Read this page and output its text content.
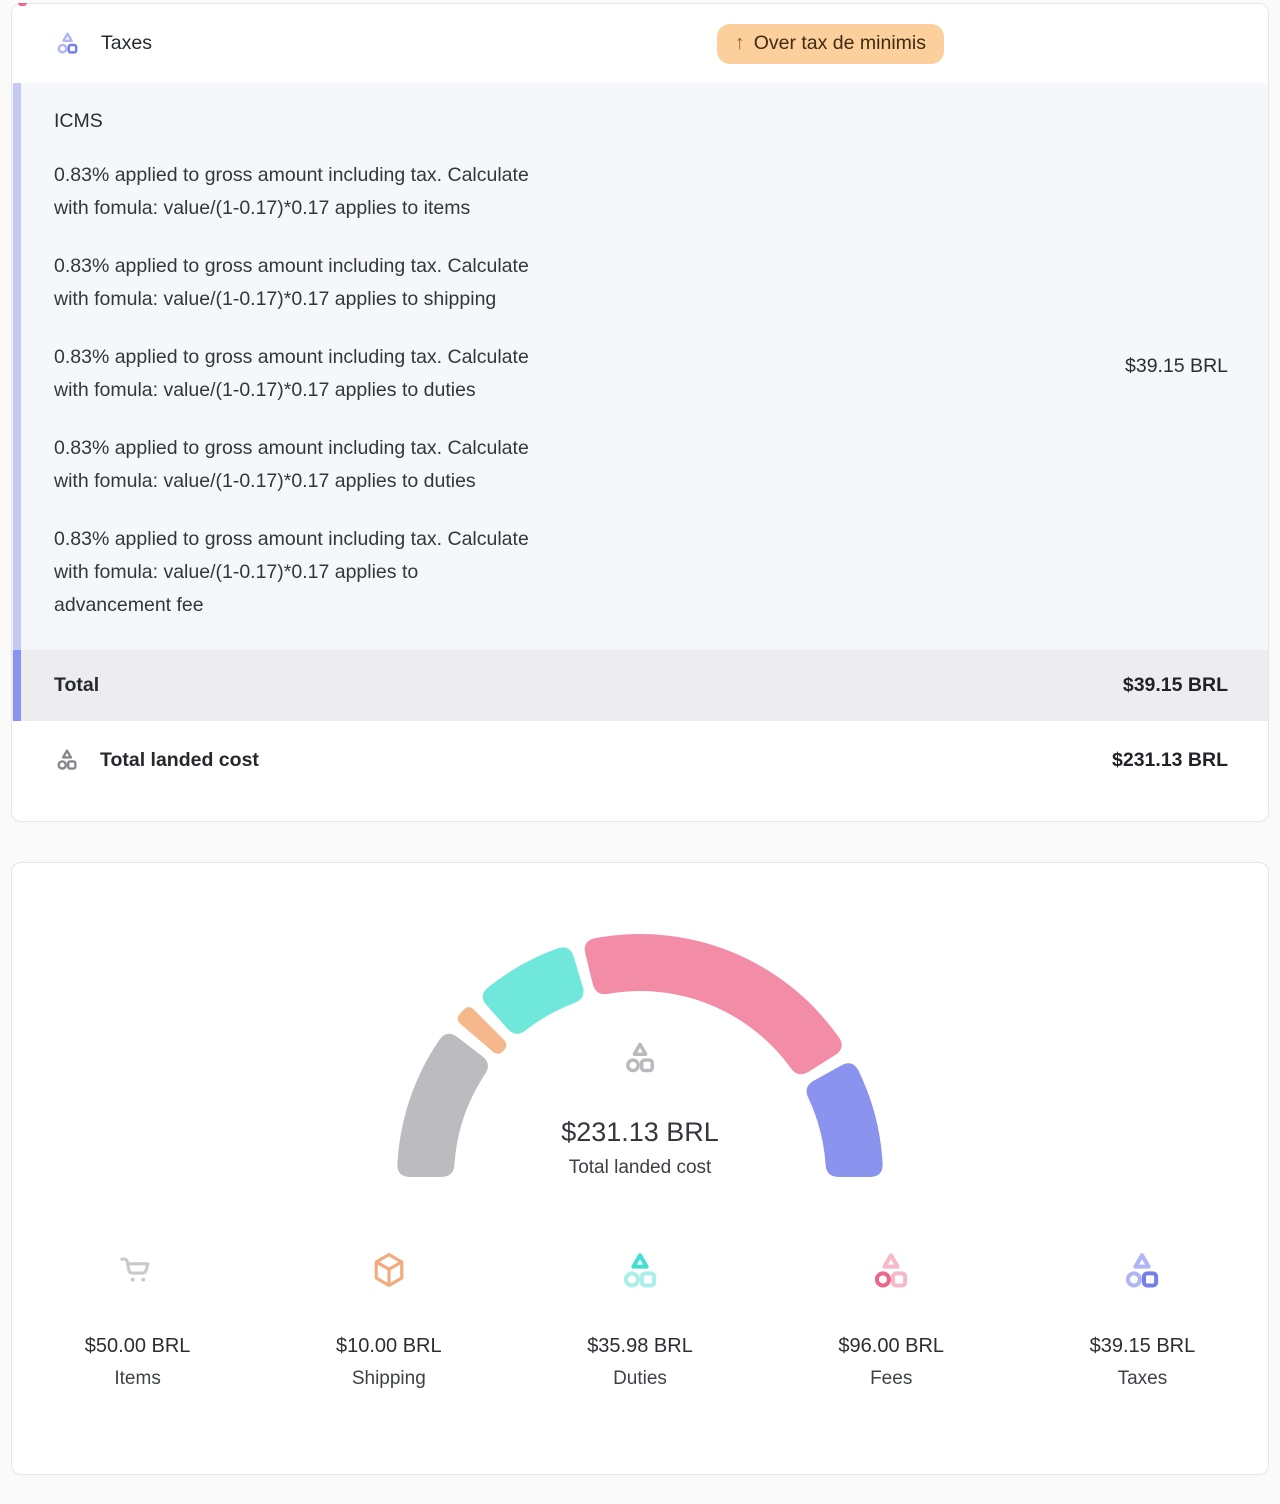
Taxes	↑ Over tax de minimis
ICMS

0.83% applied to gross amount including tax. Calculate with fomula: value/(1-0.17)*0.17 applies to items

0.83% applied to gross amount including tax. Calculate with fomula: value/(1-0.17)*0.17 applies to shipping

0.83% applied to gross amount including tax. Calculate with fomula: value/(1-0.17)*0.17 applies to duties

0.83% applied to gross amount including tax. Calculate with fomula: value/(1-0.17)*0.17 applies to duties

0.83% applied to gross amount including tax. Calculate with fomula: value/(1-0.17)*0.17 applies to advancement fee

$39.15 BRL
Total	$39.15 BRL
Total landed cost	$231.13 BRL
$231.13 BRL
Total landed cost
$50.00 BRL
Items
$10.00 BRL
Shipping
$35.98 BRL
Duties
$96.00 BRL
Fees
$39.15 BRL
Taxes
